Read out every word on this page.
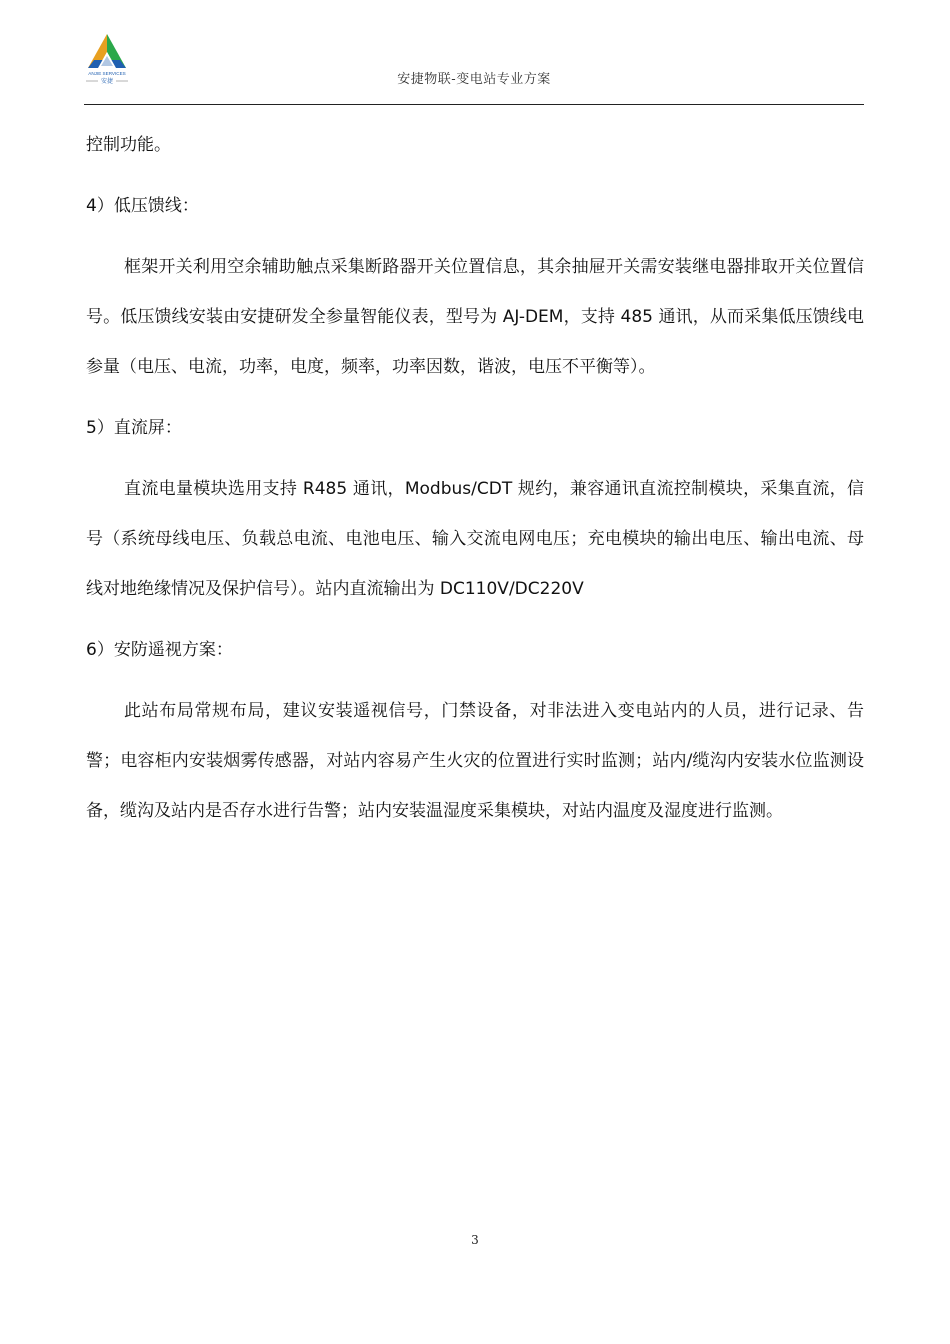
ANJIE SERVICES
安捷	安捷物联-变电站专业方案

控制功能。

4）低压馈线：

框架开关利用空余辅助触点采集断路器开关位置信息，其余抽屉开关需安装继电器排取开关位置信号。低压馈线安装由安捷研发全参量智能仪表，型号为 AJ-DEM，支持 485 通讯，从而采集低压馈线电参量（电压、电流，功率，电度，频率，功率因数，谐波，电压不平衡等）。

5）直流屏：

直流电量模块选用支持 R485 通讯，Modbus/CDT 规约，兼容通讯直流控制模块，采集直流，信号（系统母线电压、负载总电流、电池电压、输入交流电网电压；充电模块的输出电压、输出电流、母线对地绝缘情况及保护信号）。站内直流输出为 DC110V/DC220V

6）安防遥视方案：

此站布局常规布局，建议安装遥视信号，门禁设备，对非法进入变电站内的人员，进行记录、告警；电容柜内安装烟雾传感器，对站内容易产生火灾的位置进行实时监测；站内/缆沟内安装水位监测设备，缆沟及站内是否存水进行告警；站内安装温湿度采集模块，对站内温度及湿度进行监测。

3
